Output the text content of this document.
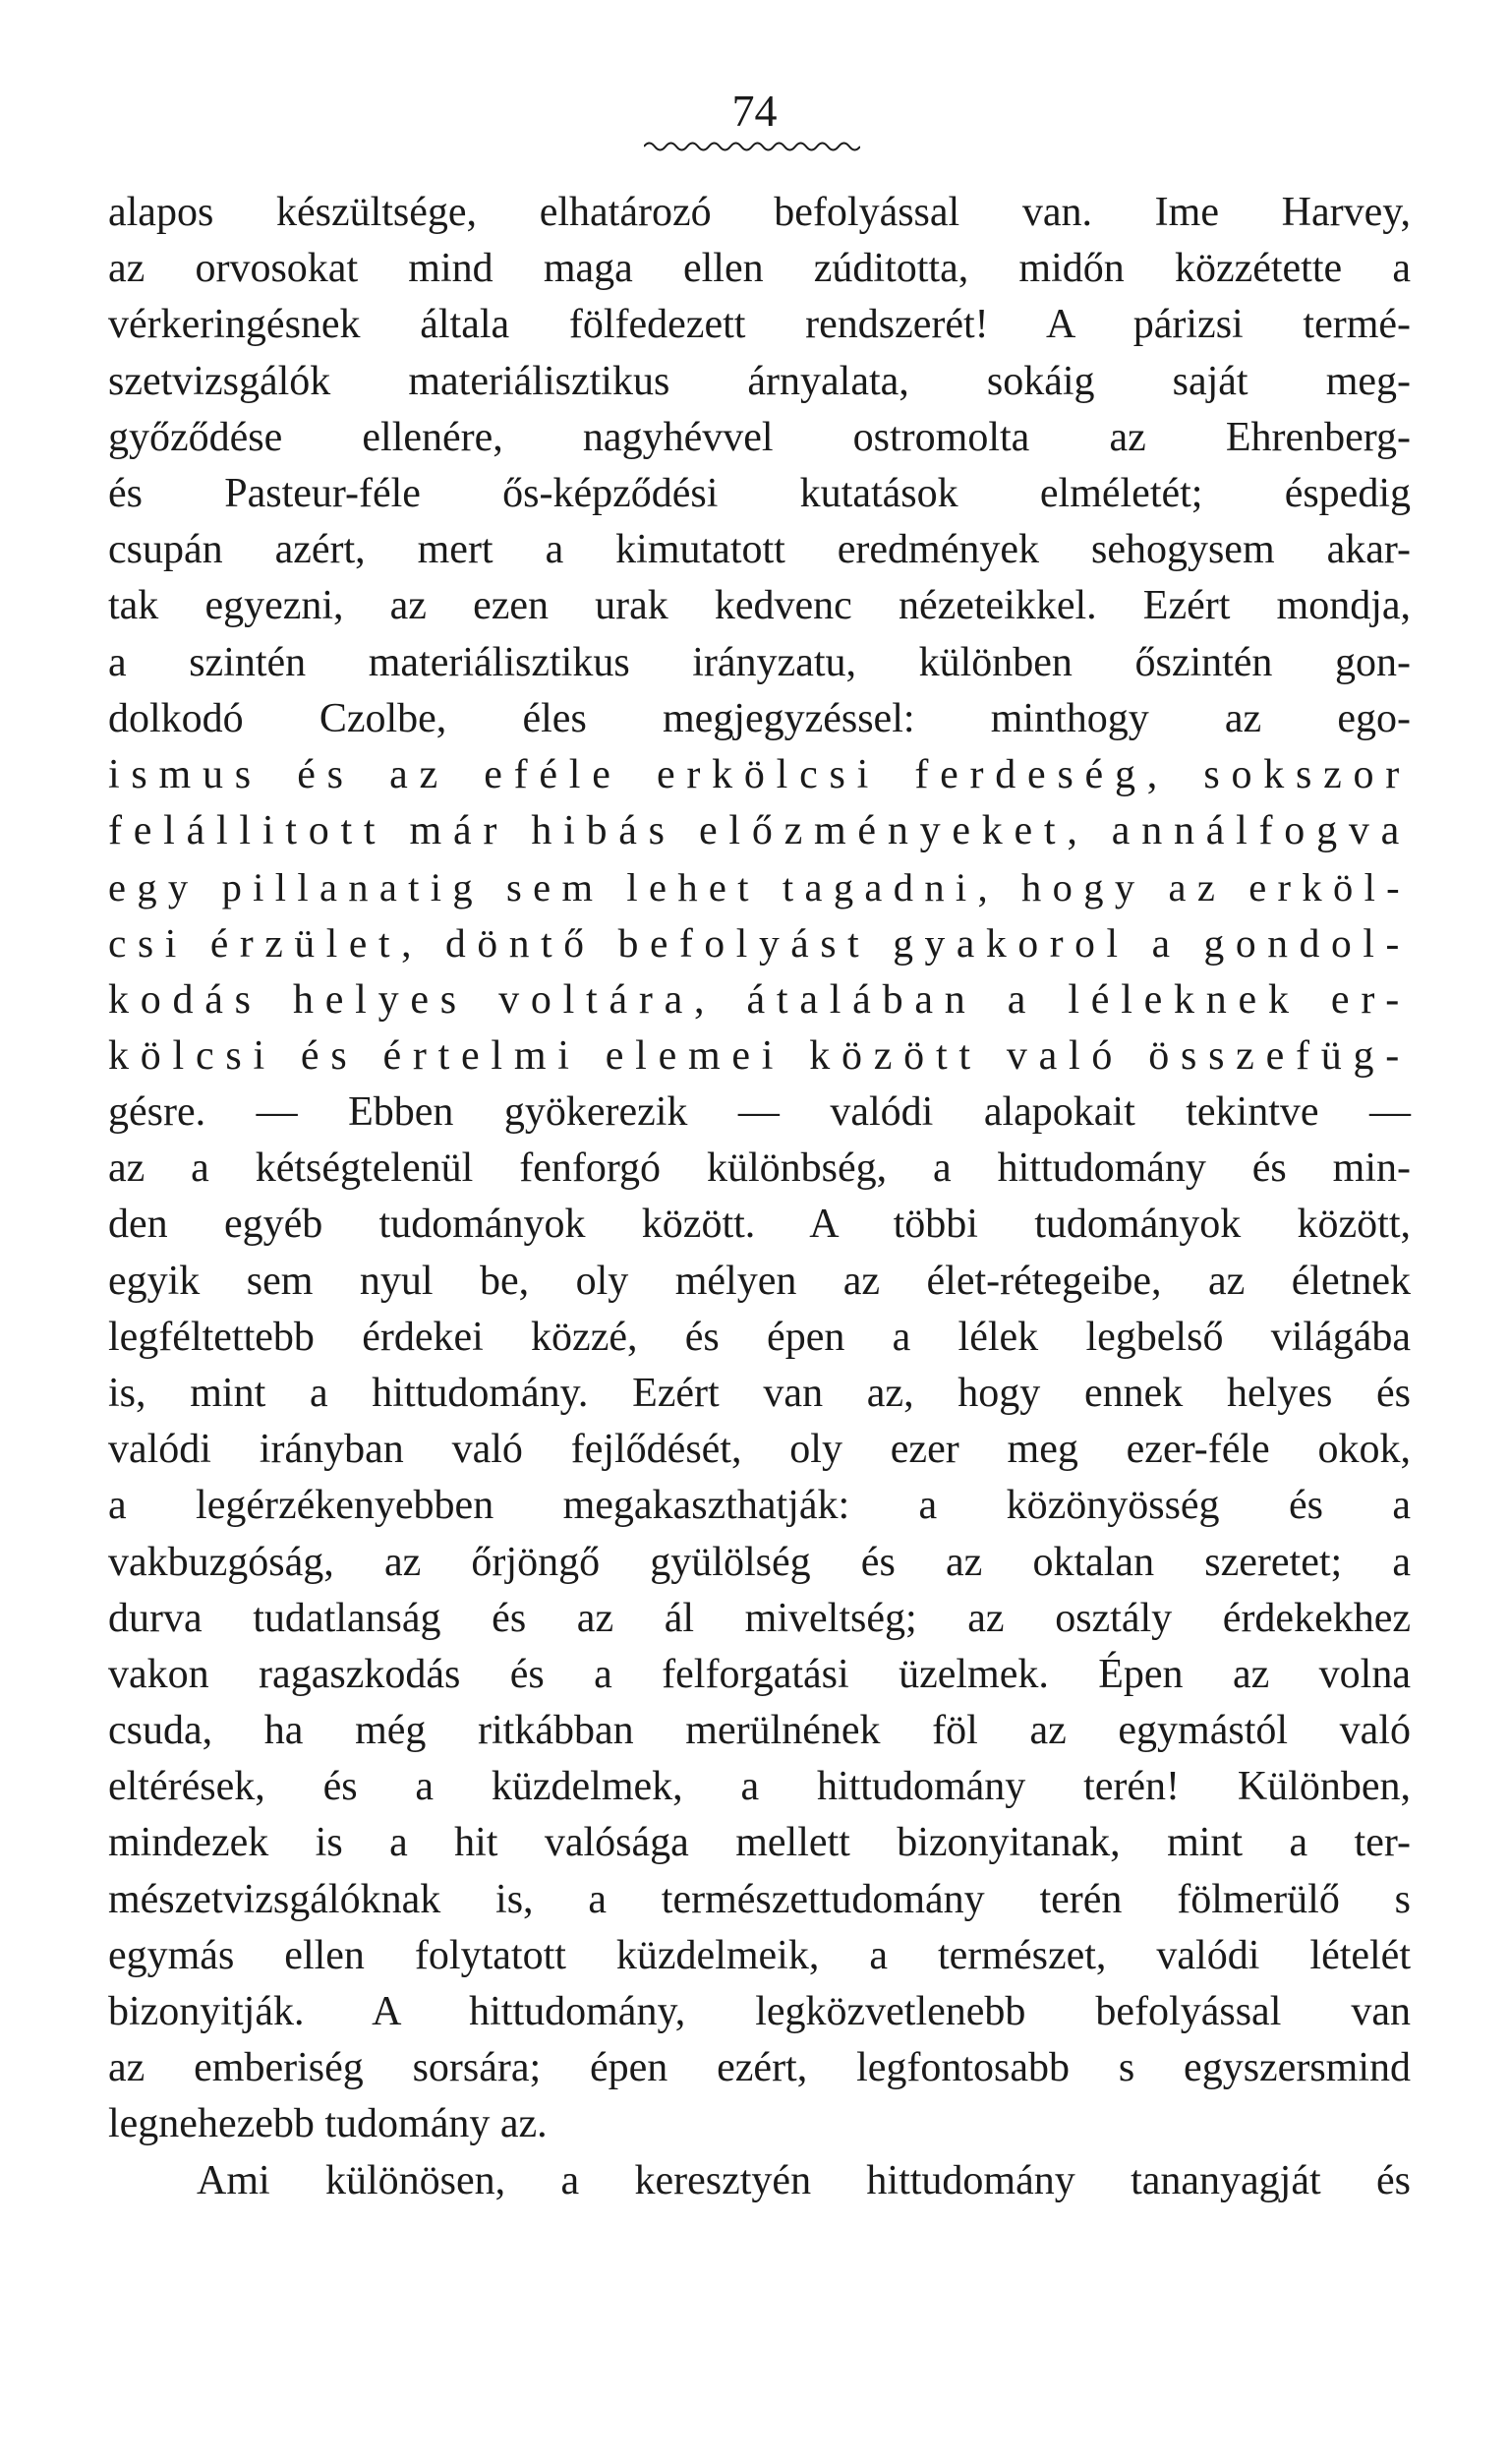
74
alapos készültsége, elhatározó befolyással van. Ime Harvey,
az orvosokat mind maga ellen zúditotta, midőn közzétette a
vérkeringésnek általa fölfedezett rendszerét! A párizsi termé-
szetvizsgálók materiálisztikus árnyalata, sokáig saját meg-
győződése ellenére, nagyhévvel ostromolta az Ehrenberg-
és Pasteur-féle ős-képződési kutatások elméletét; éspedig
csupán azért, mert a kimutatott eredmények sehogysem akar-
tak egyezni, az ezen urak kedvenc nézeteikkel. Ezért mondja,
a szintén materiálisztikus irányzatu, különben őszintén gon-
dolkodó Czolbe, éles megjegyzéssel: minthogy az ego-
ismus és az eféle erkölcsi ferdeség, sokszor
felállitott már hibás előzményeket, annálfogva
egy pillanatig sem lehet tagadni, hogy az erköl-
csi érzület, döntő befolyást gyakorol a gondol-
kodás helyes voltára, átalában a léleknek er-
kölcsi és értelmi elemei között való összefüg-
gésre. — Ebben gyökerezik — valódi alapokait tekintve —
az a kétségtelenül fenforgó különbség, a hittudomány és min-
den egyéb tudományok között. A többi tudományok között,
egyik sem nyul be, oly mélyen az élet-rétegeibe, az életnek
legféltettebb érdekei közzé, és épen a lélek legbelső világába
is, mint a hittudomány. Ezért van az, hogy ennek helyes és
valódi irányban való fejlődését, oly ezer meg ezer-féle okok,
a legérzékenyebben megakaszthatják: a közönyösség és a
vakbuzgóság, az őrjöngő gyülölség és az oktalan szeretet; a
durva tudatlanság és az ál miveltség; az osztály érdekekhez
vakon ragaszkodás és a felforgatási üzelmek. Épen az volna
csuda, ha még ritkábban merülnének föl az egymástól való
eltérések, és a küzdelmek, a hittudomány terén! Különben,
mindezek is a hit valósága mellett bizonyitanak, mint a ter-
mészetvizsgálóknak is, a természettudomány terén fölmerülő s
egymás ellen folytatott küzdelmeik, a természet, valódi lételét
bizonyitják. A hittudomány, legközvetlenebb befolyással van
az emberiség sorsára; épen ezért, legfontosabb s egyszersmind
legnehezebb tudomány az.
Ami különösen, a keresztyén hittudomány tananyagját és
